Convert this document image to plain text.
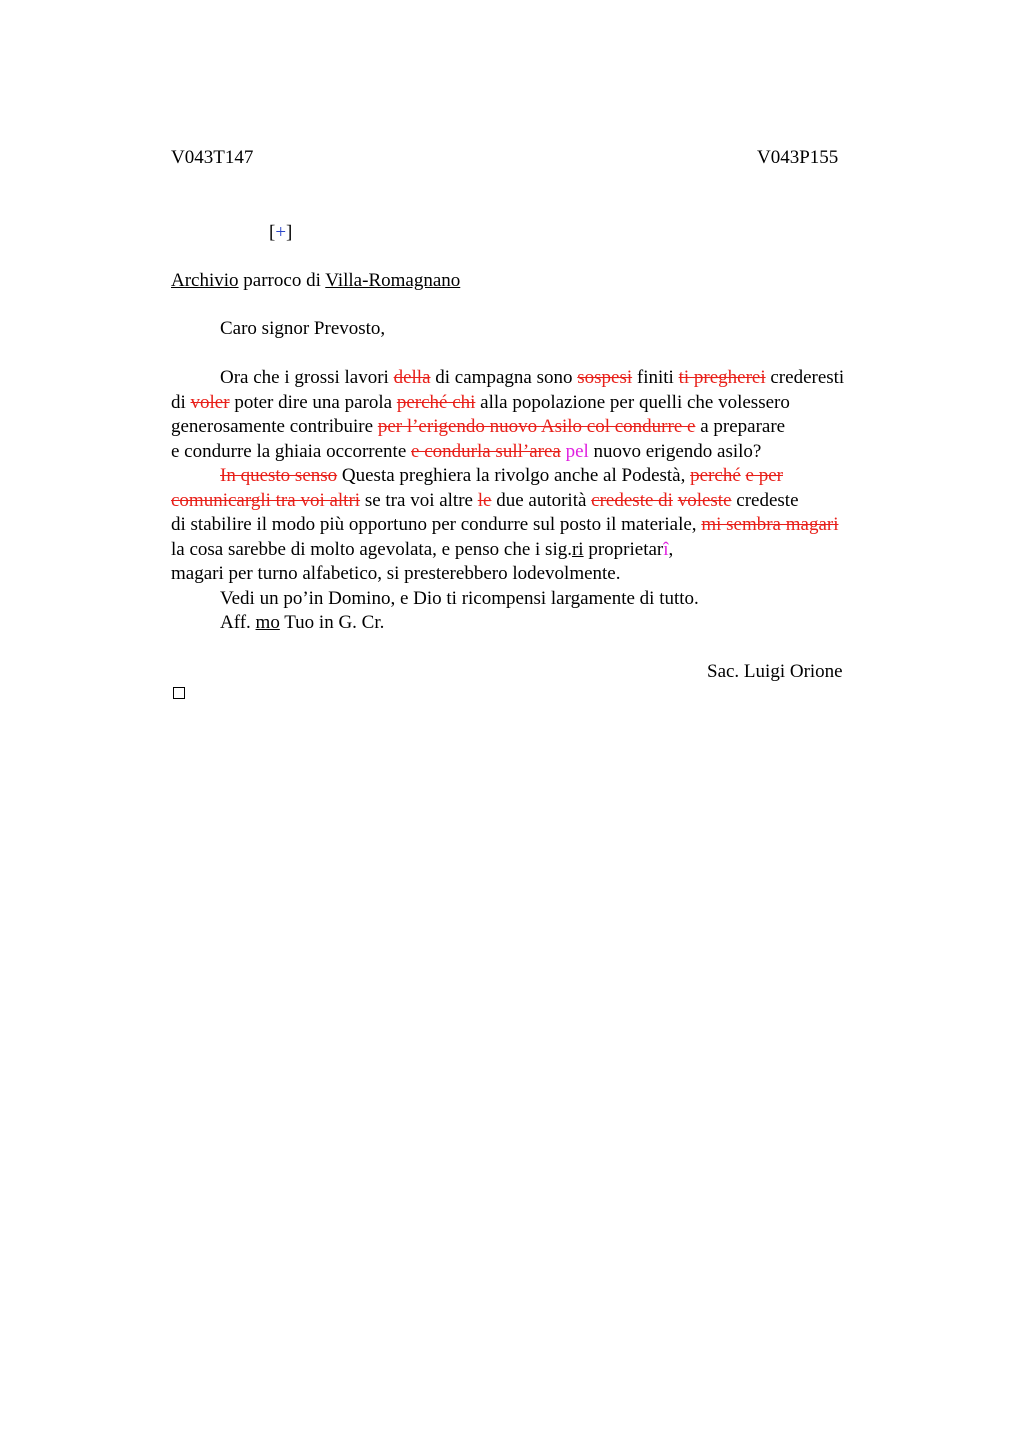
V043T147	V043P155
[+]
Archivio parroco di Villa-Romagnano
Caro signor Prevosto,
Ora che i grossi lavori della di campagna sono sospesi finiti ti pregherei crederesti
di voler poter dire una parola perché chi alla popolazione per quelli che volessero
generosamente contribuire per l’erigendo nuovo Asilo col condurre e a preparare
e condurre la ghiaia occorrente e condurla sull’area pel nuovo erigendo asilo?
In questo senso Questa preghiera la rivolgo anche al Podestà, perché e per
comunicargli tra voi altri se tra voi altre le due autorità credeste di voleste credeste
di stabilire il modo più opportuno per condurre sul posto il materiale, mi sembra magari
la cosa sarebbe di molto agevolata, e penso che i sig.ri proprietarî,
magari per turno alfabetico, si presterebbero lodevolmente.
Vedi un po’in Domino, e Dio ti ricompensi largamente di tutto.
Aff. mo Tuo in G. Cr.
Sac. Luigi Orione
